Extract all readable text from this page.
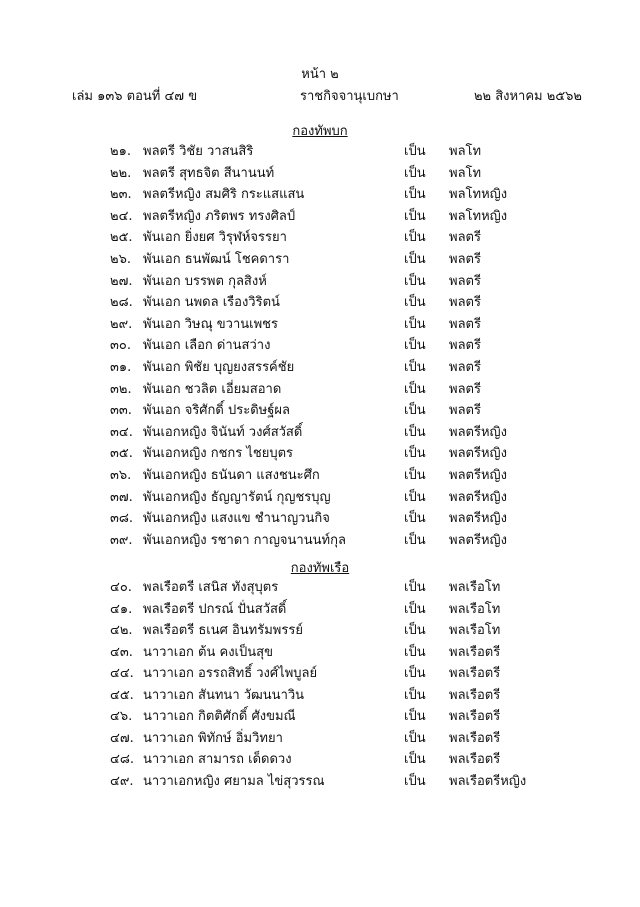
หน้า ๒
เล่ม ๑๓๖ ตอนที่ ๔๗ ข	ราชกิจจานุเบกษา	๒๒ สิงหาคม ๒๕๖๒
กองทัพบก
๒๑. พลตรี วิชัย วาสนสิริ	เป็น พลโท
๒๒. พลตรี สุทธจิต สีนานนท์	เป็น พลโท
๒๓. พลตรีหญิง สมศิริ กระแสแสน	เป็น พลโทหญิง
๒๔. พลตรีหญิง ภริตพร ทรงศิลป์	เป็น พลโทหญิง
๒๕. พันเอก ยิ่งยศ วิรุฬห์จรรยา	เป็น พลตรี
๒๖. พันเอก ธนพัฒน์ โชคดารา	เป็น พลตรี
๒๗. พันเอก บรรพต กุลสิงห์	เป็น พลตรี
๒๘. พันเอก นพดล เรืองวิริตน์	เป็น พลตรี
๒๙. พันเอก วิษณุ ขวานเพชร	เป็น พลตรี
๓๐. พันเอก เลือก ด่านสว่าง	เป็น พลตรี
๓๑. พันเอก พิชัย บุญยงสรรค์ชัย	เป็น พลตรี
๓๒. พันเอก ชวลิต เอี่ยมสอาด	เป็น พลตรี
๓๓. พันเอก จริศักดิ์ ประดิษฐ์ผล	เป็น พลตรี
๓๔. พันเอกหญิง จินันท์ วงศ์สวัสดิ์	เป็น พลตรีหญิง
๓๕. พันเอกหญิง กชกร ไชยบุตร	เป็น พลตรีหญิง
๓๖. พันเอกหญิง ธนันดา แสงชนะศึก	เป็น พลตรีหญิง
๓๗. พันเอกหญิง ธัญญารัตน์ กุญชรบุญ	เป็น พลตรีหญิง
๓๘. พันเอกหญิง แสงแข ชำนาญวนกิจ	เป็น พลตรีหญิง
๓๙. พันเอกหญิง รชาดา กาญจนานนท์กุล	เป็น พลตรีหญิง
กองทัพเรือ
๔๐. พลเรือตรี เสนิส ทังสุบุตร	เป็น พลเรือโท
๔๑. พลเรือตรี ปกรณ์ ปั่นสวัสดิ์	เป็น พลเรือโท
๔๒. พลเรือตรี ธเนศ อินทรัมพรรย์	เป็น พลเรือโท
๔๓. นาวาเอก ต้น คงเป็นสุข	เป็น พลเรือตรี
๔๔. นาวาเอก อรรถสิทธิ์ วงศ์ไพบูลย์	เป็น พลเรือตรี
๔๕. นาวาเอก สันทนา วัฒนนาวิน	เป็น พลเรือตรี
๔๖. นาวาเอก กิตติศักดิ์ ศังขมณี	เป็น พลเรือตรี
๔๗. นาวาเอก พิทักษ์ อิ่มวิทยา	เป็น พลเรือตรี
๔๘. นาวาเอก สามารถ เด็ดดวง	เป็น พลเรือตรี
๔๙. นาวาเอกหญิง ศยามล ไข่สุวรรณ	เป็น พลเรือตรีหญิง
